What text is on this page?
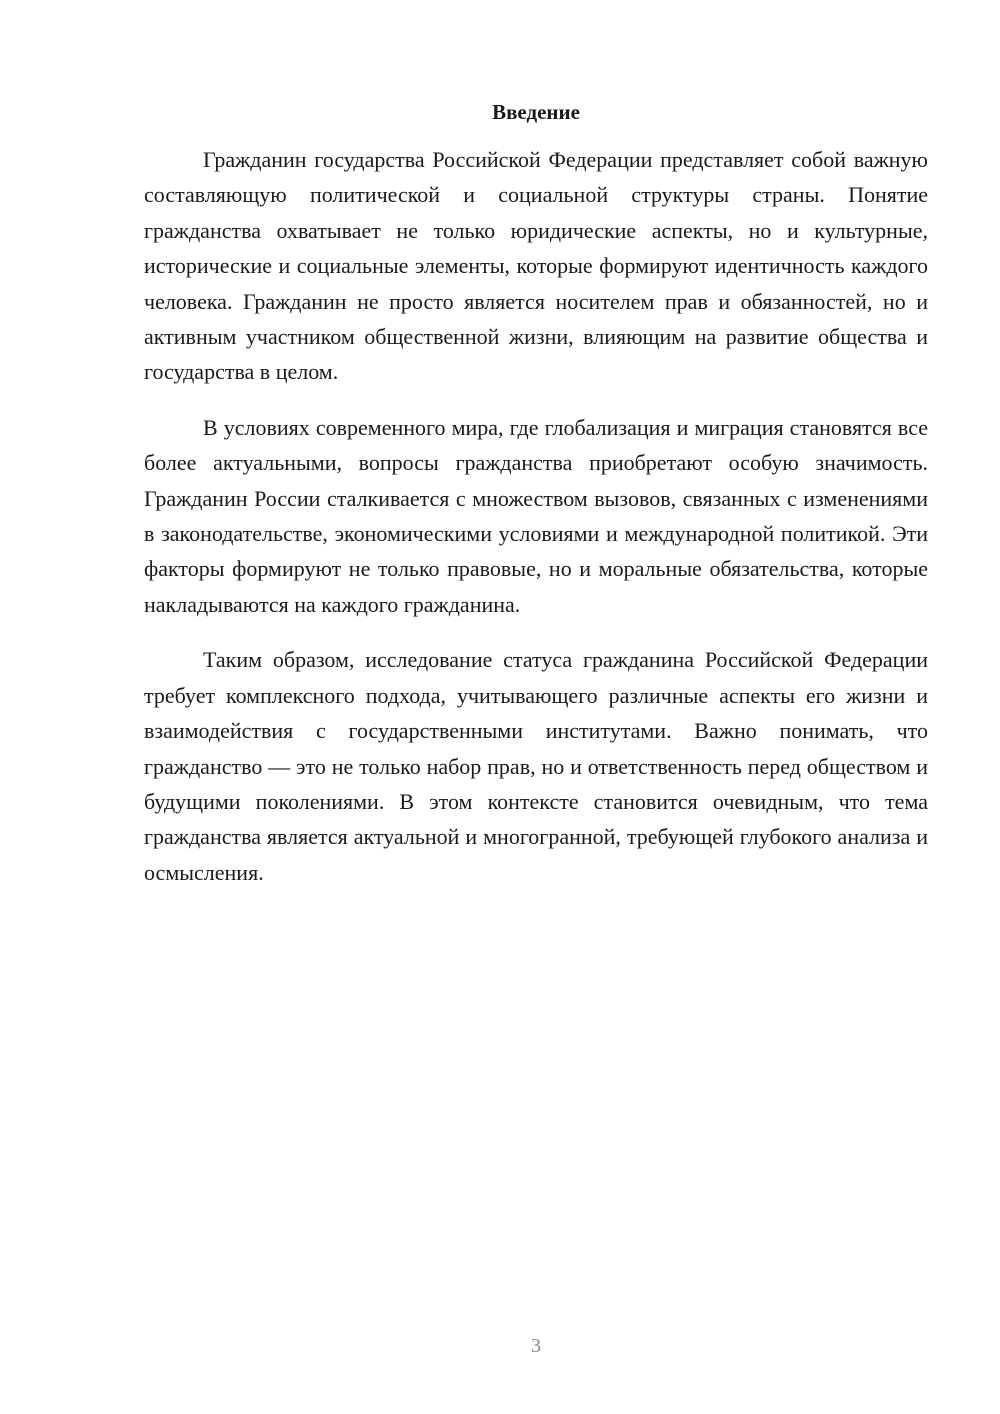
Введение

Гражданин государства Российской Федерации представляет собой важную составляющую политической и социальной структуры страны. Понятие гражданства охватывает не только юридические аспекты, но и культурные, исторические и социальные элементы, которые формируют идентичность каждого человека. Гражданин не просто является носителем прав и обязанностей, но и активным участником общественной жизни, влияющим на развитие общества и государства в целом.

В условиях современного мира, где глобализация и миграция становятся все более актуальными, вопросы гражданства приобретают особую значимость. Гражданин России сталкивается с множеством вызовов, связанных с изменениями в законодательстве, экономическими условиями и международной политикой. Эти факторы формируют не только правовые, но и моральные обязательства, которые накладываются на каждого гражданина.

Таким образом, исследование статуса гражданина Российской Федерации требует комплексного подхода, учитывающего различные аспекты его жизни и взаимодействия с государственными институтами. Важно понимать, что гражданство — это не только набор прав, но и ответственность перед обществом и будущими поколениями. В этом контексте становится очевидным, что тема гражданства является актуальной и многогранной, требующей глубокого анализа и осмысления.

3
